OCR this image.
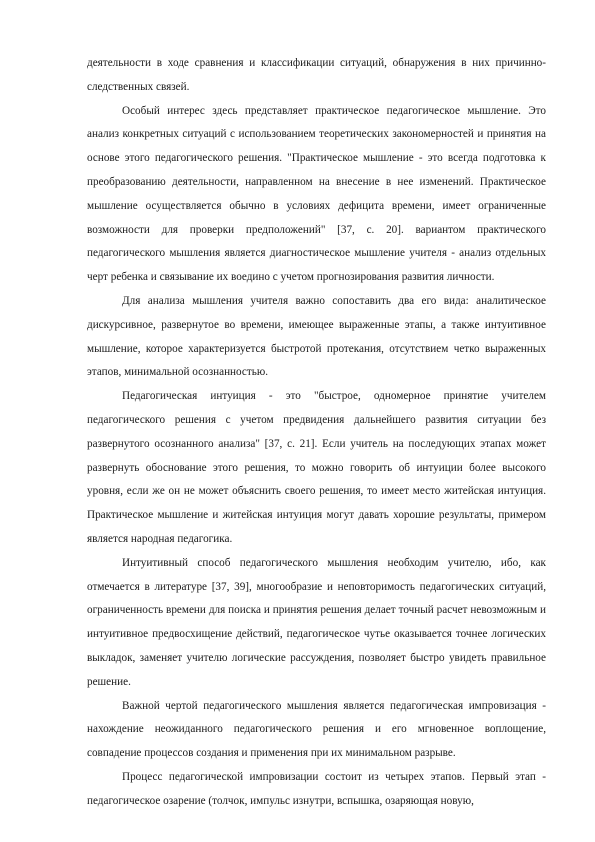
деятельности в ходе сравнения и классификации ситуаций, обнаружения в них причинно-следственных связей.

Особый интерес здесь представляет практическое педагогическое мышление. Это анализ конкретных ситуаций с использованием теоретических закономерностей и принятия на основе этого педагогического решения. "Практическое мышление - это всегда подготовка к преобразованию деятельности, направленном на внесение в нее изменений. Практическое мышление осуществляется обычно в условиях дефицита времени, имеет ограниченные возможности для проверки предположений" [37, с. 20]. вариантом практического педагогического мышления является диагностическое мышление учителя - анализ отдельных черт ребенка и связывание их воедино с учетом прогнозирования развития личности.

Для анализа мышления учителя важно сопоставить два его вида: аналитическое дискурсивное, развернутое во времени, имеющее выраженные этапы, а также интуитивное мышление, которое характеризуется быстротой протекания, отсутствием четко выраженных этапов, минимальной осознанностью.

Педагогическая интуиция - это "быстрое, одномерное принятие учителем педагогического решения с учетом предвидения дальнейшего развития ситуации без развернутого осознанного анализа" [37, с. 21]. Если учитель на последующих этапах может развернуть обоснование этого решения, то можно говорить об интуиции более высокого уровня, если же он не может объяснить своего решения, то имеет место житейская интуиция. Практическое мышление и житейская интуиция могут давать хорошие результаты, примером является народная педагогика.

Интуитивный способ педагогического мышления необходим учителю, ибо, как отмечается в литературе [37, 39], многообразие и неповторимость педагогических ситуаций, ограниченность времени для поиска и принятия решения делает точный расчет невозможным и интуитивное предвосхищение действий, педагогическое чутье оказывается точнее логических выкладок, заменяет учителю логические рассуждения, позволяет быстро увидеть правильное решение.

Важной чертой педагогического мышления является педагогическая импровизация - нахождение неожиданного педагогического решения и его мгновенное воплощение, совпадение процессов создания и применения при их минимальном разрыве.

Процесс педагогической импровизации состоит из четырех этапов. Первый этап - педагогическое озарение (толчок, импульс изнутри, вспышка, озаряющая новую,
